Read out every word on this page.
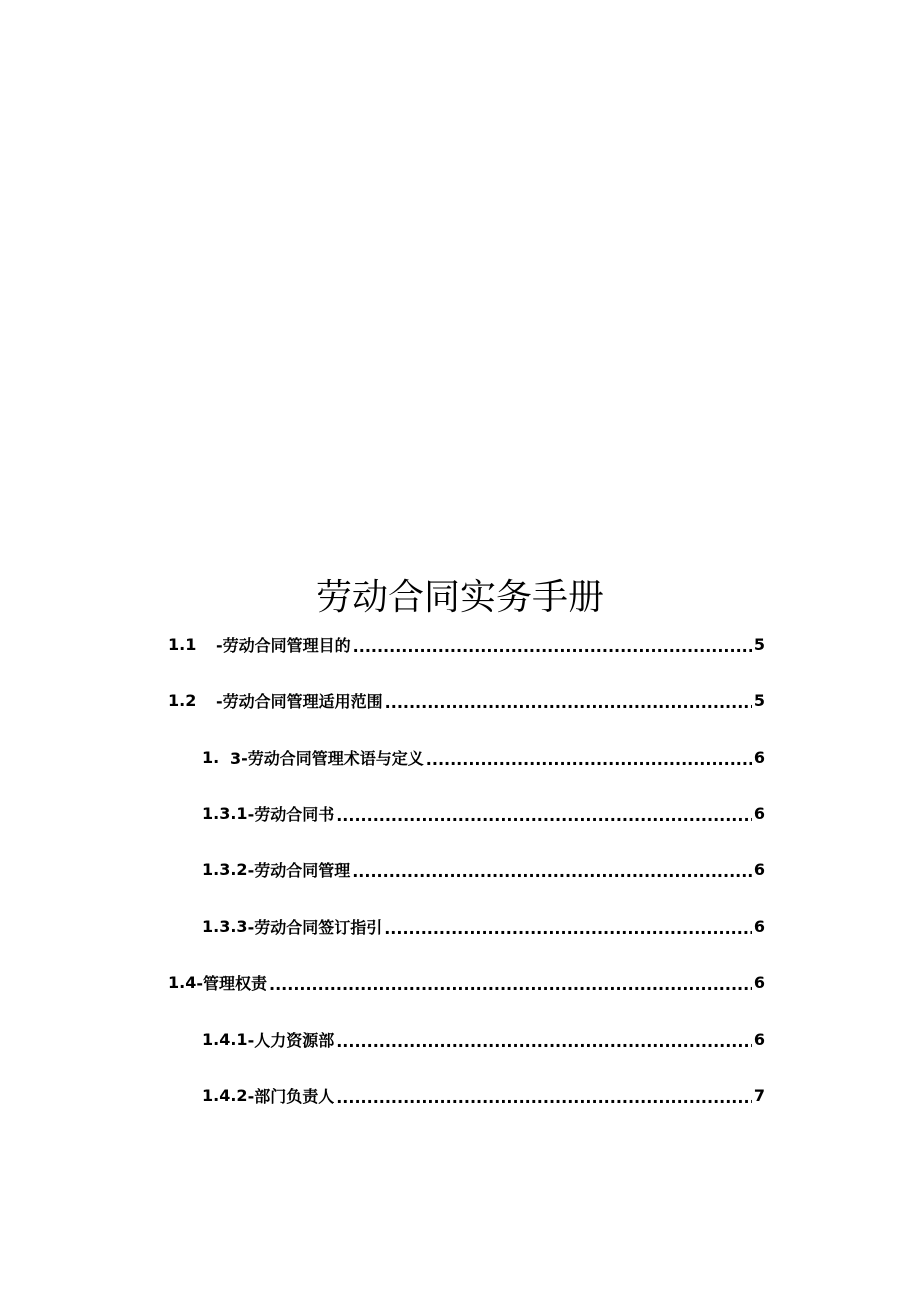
劳动合同实务手册
1.1	-劳动合同管理目的 .....	5
1.2	-劳动合同管理适用范围 .....	5
1. 3-劳动合同管理术语与定义 .....	6
1.3.1 -劳动合同书 .....	6
1.3.2 -劳动合同管理 .....	6
1.3.3 -劳动合同签订指引 .....	6
1.4 -管理权责 .....	6
1.4.1 -人力资源部 .....	6
1.4.2 -部门负责人 .....	7
